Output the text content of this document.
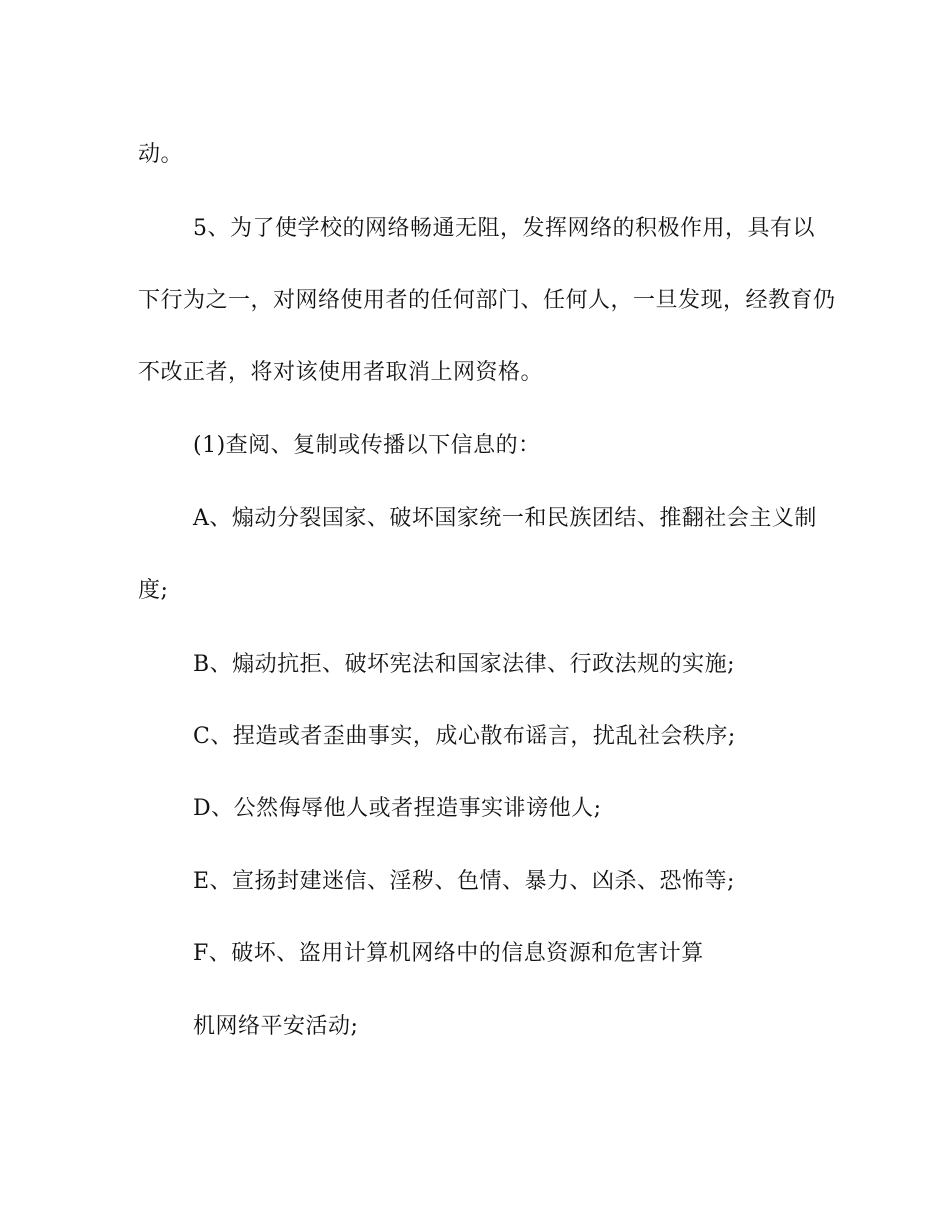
动。

5、为了使学校的网络畅通无阻，发挥网络的积极作用，具有以

下行为之一，对网络使用者的任何部门、任何人，一旦发现，经教育仍

不改正者，将对该使用者取消上网资格。

(1)查阅、复制或传播以下信息的：

A、煽动分裂国家、破坏国家统一和民族团结、推翻社会主义制

度;

B、煽动抗拒、破坏宪法和国家法律、行政法规的实施;

C、捏造或者歪曲事实，成心散布谣言，扰乱社会秩序;

D、公然侮辱他人或者捏造事实诽谤他人;

E、宣扬封建迷信、淫秽、色情、暴力、凶杀、恐怖等;

F、破坏、盗用计算机网络中的信息资源和危害计算

机网络平安活动;
